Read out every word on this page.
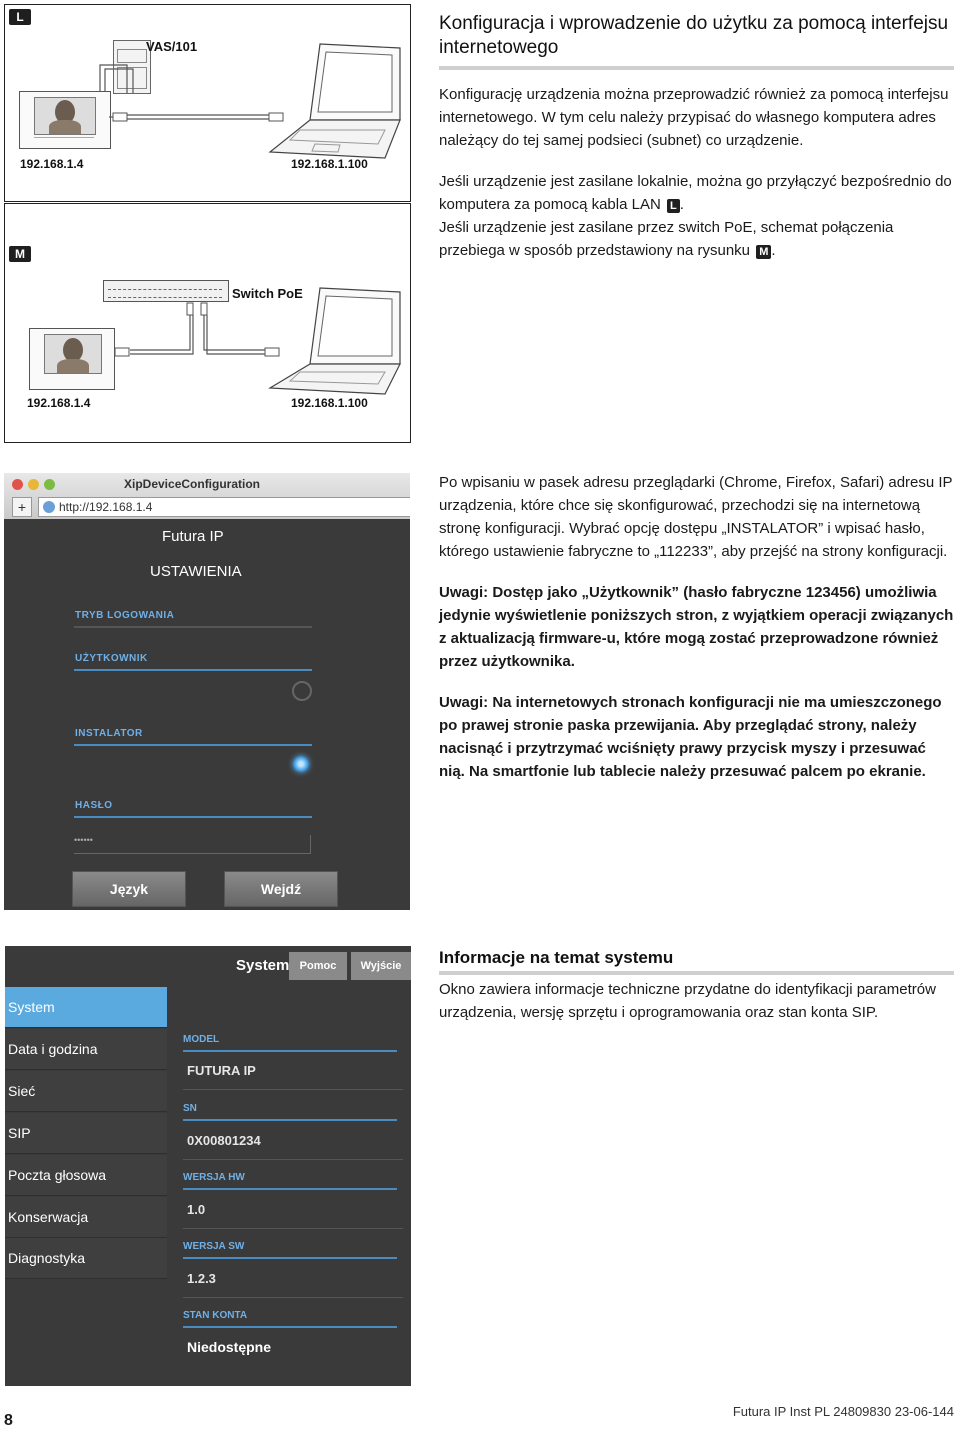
L
VAS/101
192.168.1.4	192.168.1.100
M
Switch PoE
192.168.1.4	192.168.1.100
Konfiguracja i wprowadzenie do użytku za pomocą interfejsu internetowego

Konfigurację urządzenia można przeprowadzić również za pomocą interfejsu internetowego. W tym celu należy przypisać do własnego komputera adres należący do tej samej podsieci (subnet) co urządzenie.

Jeśli urządzenie jest zasilane lokalnie, można go przyłączyć bezpośrednio do komputera za pomocą kabla LAN L .
Jeśli urządzenie jest zasilane przez switch PoE, schemat połączenia przebiega w sposób przedstawiony na rysunku M .

XipDeviceConfiguration
+	http://192.168.1.4
Futura IP
USTAWIENIA
TRYB LOGOWANIA
UŻYTKOWNIK
INSTALATOR
HASŁO
••••••
Język	Wejdź

Po wpisaniu w pasek adresu przeglądarki (Chrome, Firefox, Safari) adresu IP urządzenia, które chce się skonfigurować, przechodzi się na internetową stronę konfiguracji. Wybrać opcję dostępu „INSTALATOR” i wpisać hasło, którego ustawienie fabryczne to „112233”, aby przejść na strony konfiguracji.

Uwagi: Dostęp jako „Użytkownik” (hasło fabryczne 123456) umożliwia jedynie wyświetlenie poniższych stron, z wyjątkiem operacji związanych z aktualizacją firmware-u, które mogą zostać przeprowadzone również przez użytkownika.

Uwagi: Na internetowych stronach konfiguracji nie ma umieszczonego po prawej stronie paska przewijania. Aby przeglądać strony, należy nacisnąć i przytrzymać wciśnięty prawy przycisk myszy i przesuwać nią. Na smartfonie lub tablecie należy przesuwać palcem po ekranie.

System Pomoc	Wyjście
System
Data i godzina
Sieć
SIP
Poczta głosowa
Konserwacja
Diagnostyka
MODEL
FUTURA IP
SN
0X00801234
WERSJA HW
1.0
WERSJA SW
1.2.3
STAN KONTA
Niedostępne
Informacje na temat systemu

Okno zawiera informacje techniczne przydatne do identyfikacji parametrów urządzenia, wersję sprzętu i oprogramowania oraz stan konta SIP.

8
Futura IP Inst PL 24809830 23-06-144
